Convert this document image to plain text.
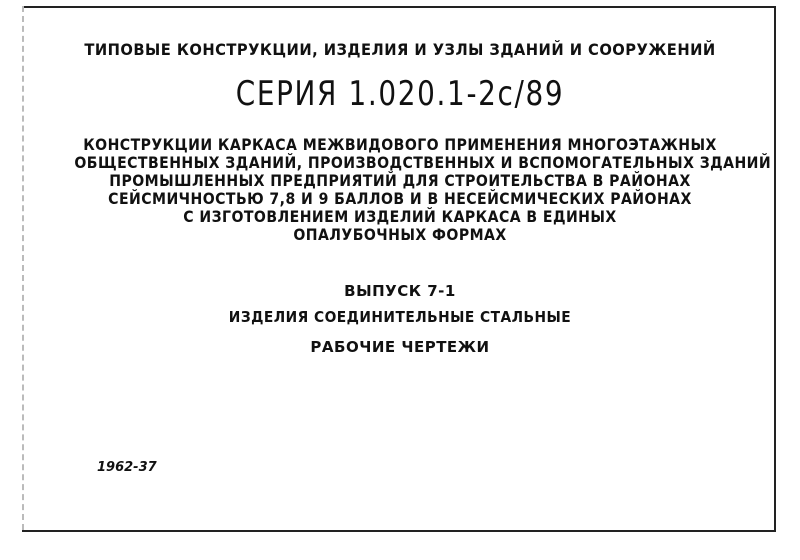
ТИПОВЫЕ КОНСТРУКЦИИ, ИЗДЕЛИЯ И УЗЛЫ ЗДАНИЙ И СООРУЖЕНИЙ
СЕРИЯ 1.020.1-2с/89
КОНСТРУКЦИИ КАРКАСА МЕЖВИДОВОГО ПРИМЕНЕНИЯ МНОГОЭТАЖНЫХ
ОБЩЕСТВЕННЫХ ЗДАНИЙ, ПРОИЗВОДСТВЕННЫХ И ВСПОМОГАТЕЛЬНЫХ ЗДАНИЙ
ПРОМЫШЛЕННЫХ ПРЕДПРИЯТИЙ ДЛЯ СТРОИТЕЛЬСТВА В РАЙОНАХ
СЕЙСМИЧНОСТЬЮ 7,8 И 9 БАЛЛОВ И В НЕСЕЙСМИЧЕСКИХ РАЙОНАХ
С ИЗГОТОВЛЕНИЕМ ИЗДЕЛИЙ КАРКАСА В ЕДИНЫХ
ОПАЛУБОЧНЫХ ФОРМАХ
ВЫПУСК 7-1
ИЗДЕЛИЯ СОЕДИНИТЕЛЬНЫЕ СТАЛЬНЫЕ
РАБОЧИЕ ЧЕРТЕЖИ
1962-37
